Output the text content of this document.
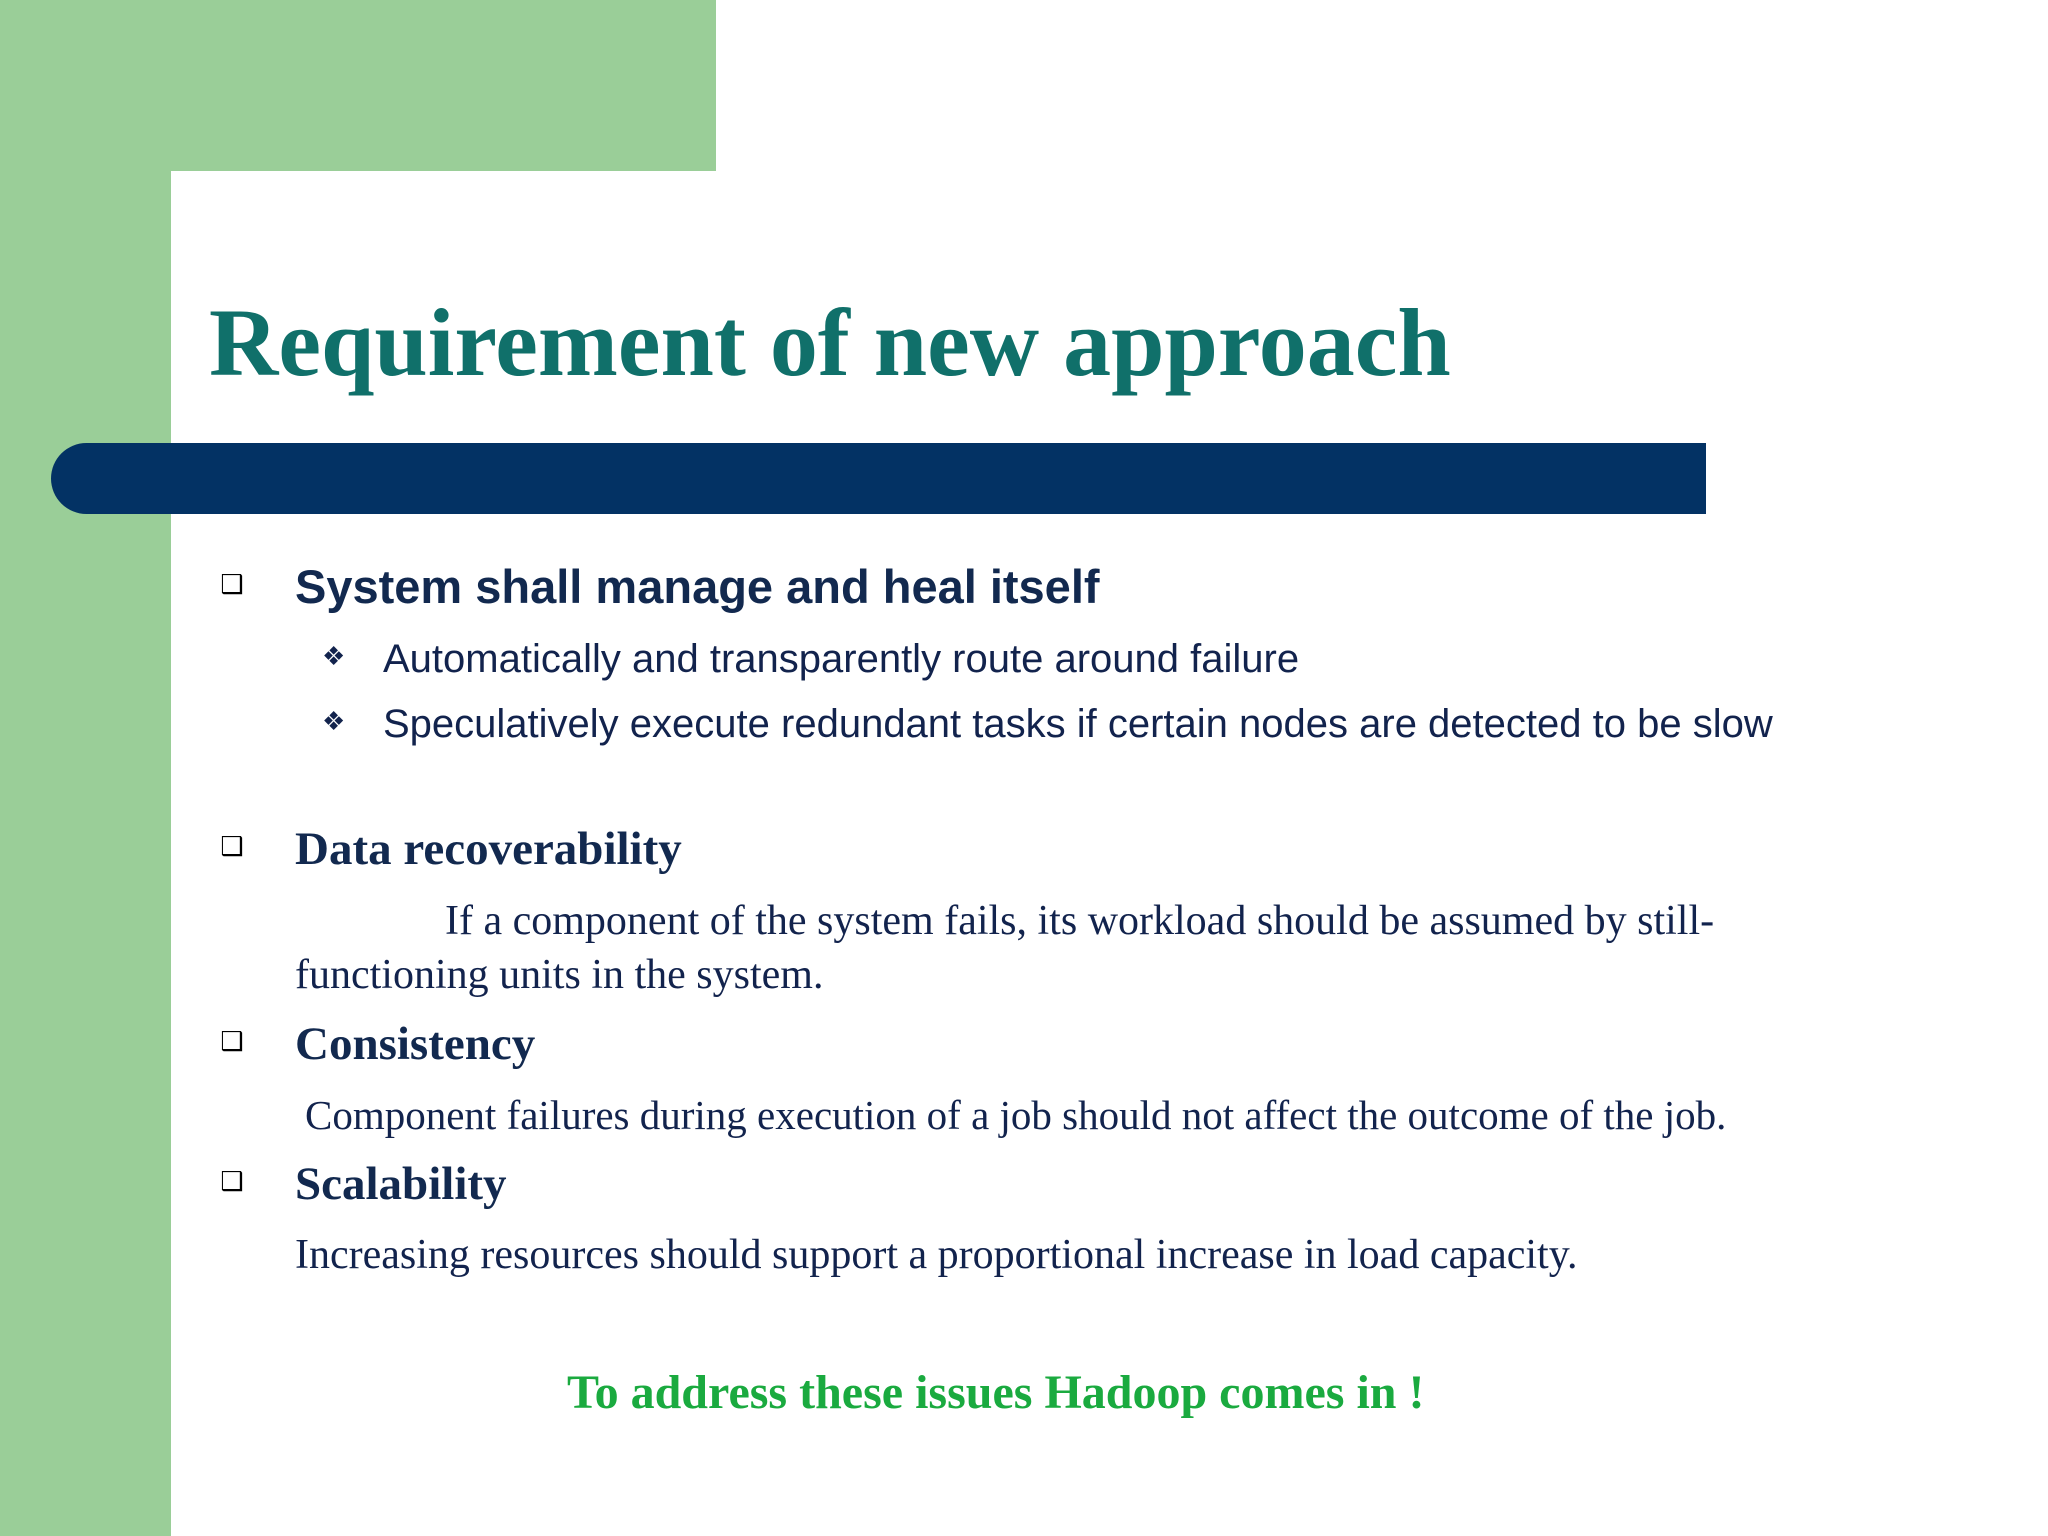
Requirement of new approach
❑ System shall manage and heal itself

❖ Automatically and transparently route around failure

❖ Speculatively execute redundant tasks if certain nodes are detected to be slow

❑ Data recoverability

If a component of the system fails, its workload should be assumed by still-functioning units in the system.

❑ Consistency

Component failures during execution of a job should not affect the outcome of the job.

❑ Scalability

Increasing resources should support a proportional increase in load capacity.

To address these issues Hadoop comes in !
